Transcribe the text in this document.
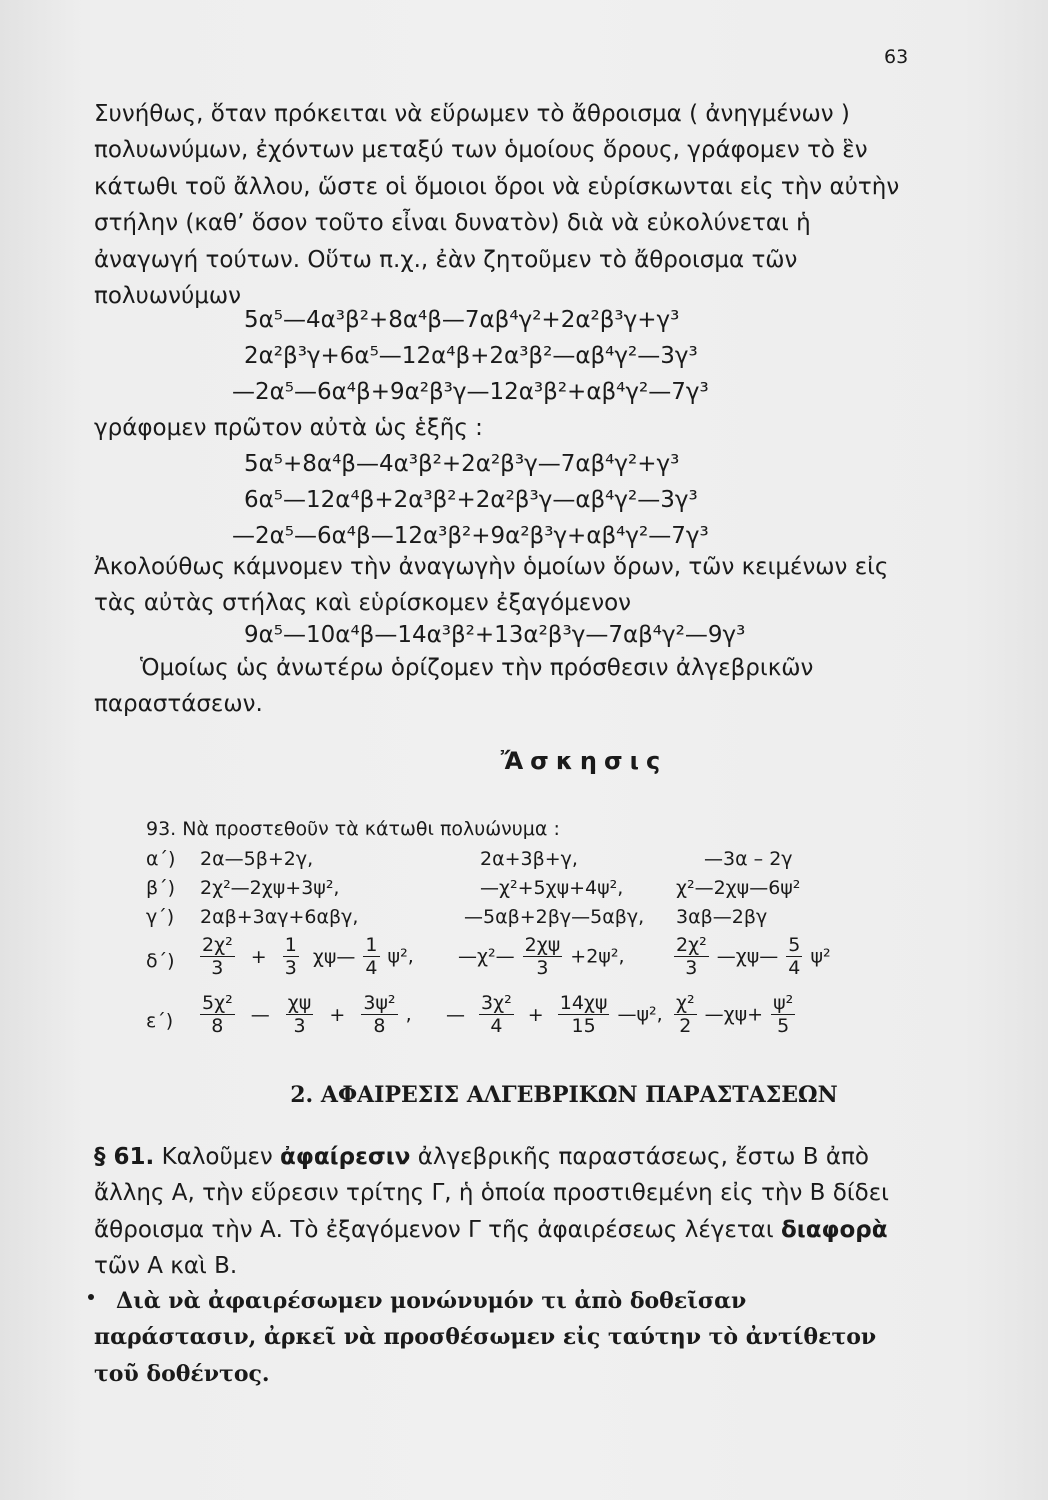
63

Συνήθως, ὅταν πρόκειται νὰ εὕρωμεν τὸ ἄθροισμα ( ἀνηγμένων ) πολυωνύμων, ἐχόντων μεταξύ των ὁμοίους ὅρους, γράφομεν τὸ ἓν κάτωθι τοῦ ἄλλου, ὥστε οἱ ὅμοιοι ὅροι νὰ εὑρίσκωνται εἰς τὴν αὐτὴν στήλην (καθ’ ὅσον τοῦτο εἶναι δυνατὸν) διὰ νὰ εὐκολύνεται ἡ ἀναγωγή τούτων. Οὕτω π.χ., ἐὰν ζητοῦμεν τὸ ἄθροισμα τῶν πολυωνύμων

5α⁵—4α³β²+8α⁴β—7αβ⁴γ²+2α²β³γ+γ³
2α²β³γ+6α⁵—12α⁴β+2α³β²—αβ⁴γ²—3γ³
—2α⁵—6α⁴β+9α²β³γ—12α³β²+αβ⁴γ²—7γ³
γράφομεν πρῶτον αὐτὰ ὡς ἑξῆς :
5α⁵+8α⁴β—4α³β²+2α²β³γ—7αβ⁴γ²+γ³
6α⁵—12α⁴β+2α³β²+2α²β³γ—αβ⁴γ²—3γ³
—2α⁵—6α⁴β—12α³β²+9α²β³γ+αβ⁴γ²—7γ³

Ἀκολούθως κάμνομεν τὴν ἀναγωγὴν ὁμοίων ὅρων, τῶν κειμένων εἰς τὰς αὐτὰς στήλας καὶ εὑρίσκομεν ἐξαγόμενον

9α⁵—10α⁴β—14α³β²+13α²β³γ—7αβ⁴γ²—9γ³

Ὁμοίως ὡς ἀνωτέρω ὁρίζομεν τὴν πρόσθεσιν ἀλγεβρικῶν παραστάσεων.

Ἄσκησις
93. Νὰ προστεθοῦν τὰ κάτωθι πολυώνυμα :
α΄) 2α—5β+2γ,	2α+3β+γ,	—3α – 2γ
β΄) 2χ²—2χψ+3ψ²,	—χ²+5χψ+4ψ²,	χ²—2χψ—6ψ²
γ΄) 2αβ+3αγ+6αβγ,	—5αβ+2βγ—5αβγ, 3αβ—2βγ
$\delta΄) \frac{\text{2χ²}}{3} + \frac{1}{3}$ χψ— $\frac{1}{4} \psi^2$, —χ²— $\frac{2\chi\psi}{3} +2\psi^2$,	$\frac{\text{2χ²}}{3}$ —χψ— $\frac{5}{4} \psi^2$
$\varepsilon΄) \frac{\text{5χ²}}{8}$ — $\frac{\chi\psi}{3} + \frac{\text{3ψ²}}{8}$ , — $\frac{\text{3χ²}}{4} + \frac{14\chi\psi}{15}$ —ψ², $\frac{\text{χ²}}{2}$ —χψ+ $\frac{\text{ψ²}}{5}$
2. ΑΦΑΙΡΕΣΙΣ ΑΛΓΕΒΡΙΚΩΝ ΠΑΡΑΣΤΑΣΕΩΝ

§ 61. Καλοῦμεν ἀφαίρεσιν ἀλγεβρικῆς παραστάσεως, ἔστω Β ἀπὸ ἄλλης Α, τὴν εὕρεσιν τρίτης Γ, ἡ ὁποία προστιθεμένη εἰς τὴν Β δίδει ἄθροισμα τὴν Α. Τὸ ἐξαγόμενον Γ τῆς ἀφαιρέσεως λέγεται διαφορὰ τῶν Α καὶ Β.

Διὰ νὰ ἀφαιρέσωμεν μονώνυμόν τι ἀπὸ δοθεῖσαν παράστασιν, ἀρκεῖ νὰ προσθέσωμεν εἰς ταύτην τὸ ἀντίθετον τοῦ δοθέντος.
